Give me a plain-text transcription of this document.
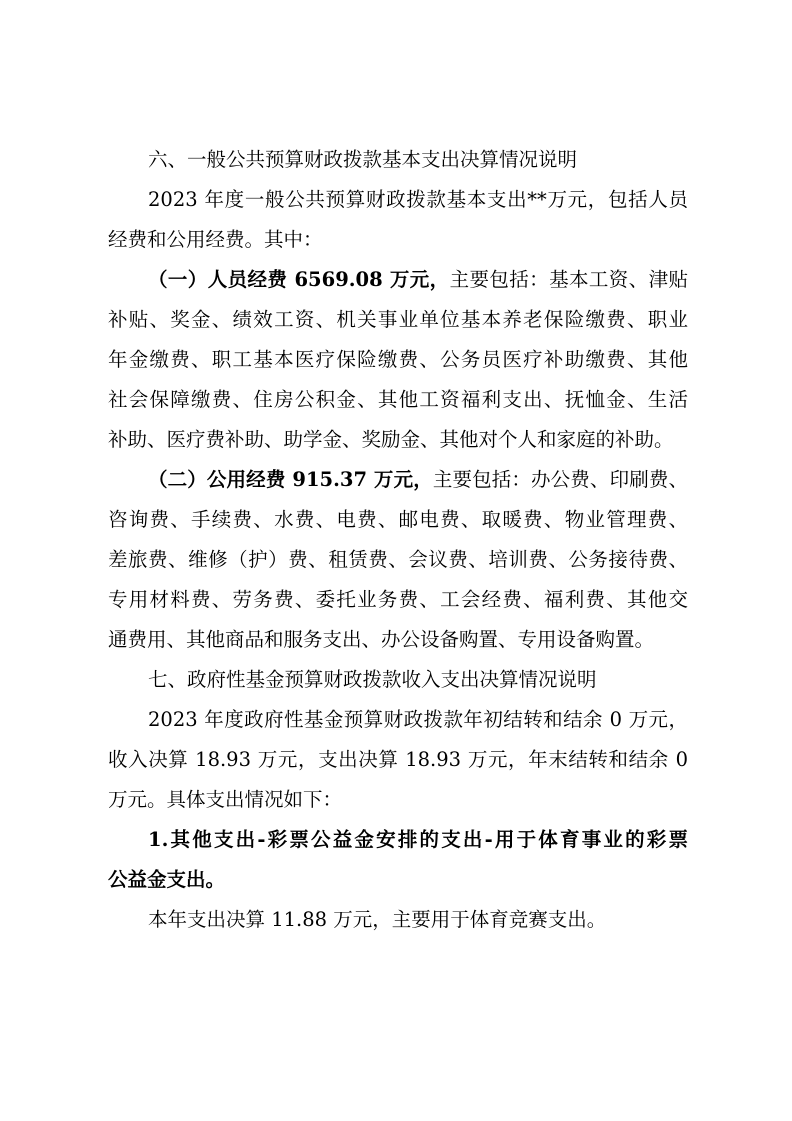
六、一般公共预算财政拨款基本支出决算情况说明
2023 年度一般公共预算财政拨款基本支出**万元，包括人员
经费和公用经费。其中：
（一）人员经费 6569.08 万元，主要包括：基本工资、津贴
补贴、奖金、绩效工资、机关事业单位基本养老保险缴费、职业
年金缴费、职工基本医疗保险缴费、公务员医疗补助缴费、其他
社会保障缴费、住房公积金、其他工资福利支出、抚恤金、生活
补助、医疗费补助、助学金、奖励金、其他对个人和家庭的补助。
（二）公用经费 915.37 万元，主要包括：办公费、印刷费、
咨询费、手续费、水费、电费、邮电费、取暖费、物业管理费、
差旅费、维修（护）费、租赁费、会议费、培训费、公务接待费、
专用材料费、劳务费、委托业务费、工会经费、福利费、其他交
通费用、其他商品和服务支出、办公设备购置、专用设备购置。
七、政府性基金预算财政拨款收入支出决算情况说明
2023 年度政府性基金预算财政拨款年初结转和结余 0 万元，
收入决算 18.93 万元，支出决算 18.93 万元，年末结转和结余 0
万元。具体支出情况如下：
1.其他支出-彩票公益金安排的支出-用于体育事业的彩票
公益金支出。
本年支出决算 11.88 万元，主要用于体育竞赛支出。
